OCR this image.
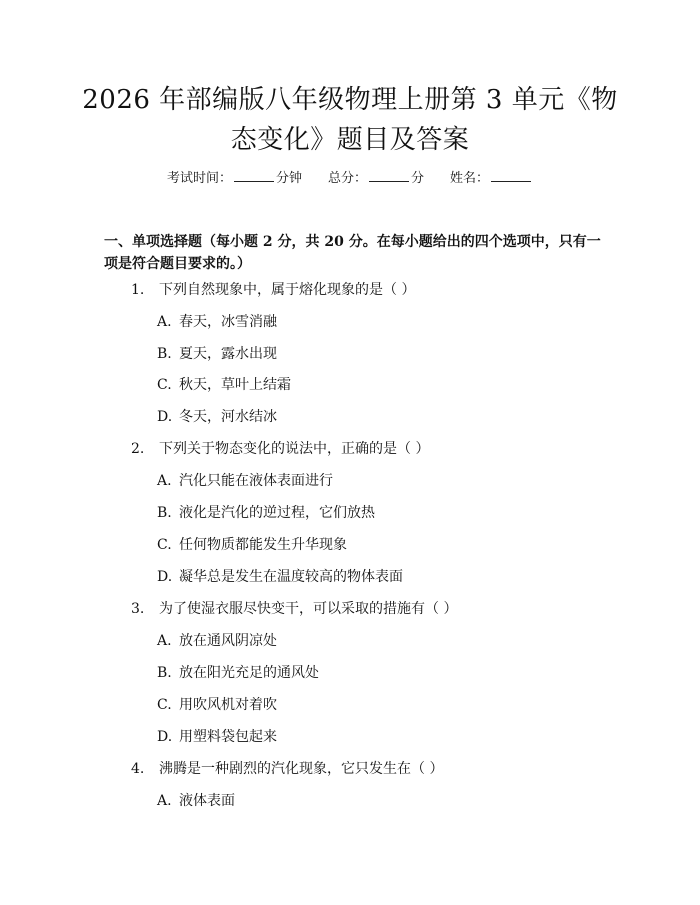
2026 年部编版八年级物理上册第 3 单元《物
态变化》题目及答案
考试时间：	分钟 总分：	分 姓名：
一、单项选择题（每小题 2 分，共 20 分。在每小题给出的四个选项中，只有一项是符合题目要求的。）
1. 下列自然现象中，属于熔化现象的是（ ）
A. 春天，冰雪消融
B. 夏天，露水出现
C. 秋天，草叶上结霜
D. 冬天，河水结冰
2. 下列关于物态变化的说法中，正确的是（ ）
A. 汽化只能在液体表面进行
B. 液化是汽化的逆过程，它们放热
C. 任何物质都能发生升华现象
D. 凝华总是发生在温度较高的物体表面
3. 为了使湿衣服尽快变干，可以采取的措施有（ ）
A. 放在通风阴凉处
B. 放在阳光充足的通风处
C. 用吹风机对着吹
D. 用塑料袋包起来
4. 沸腾是一种剧烈的汽化现象，它只发生在（ ）
A. 液体表面
